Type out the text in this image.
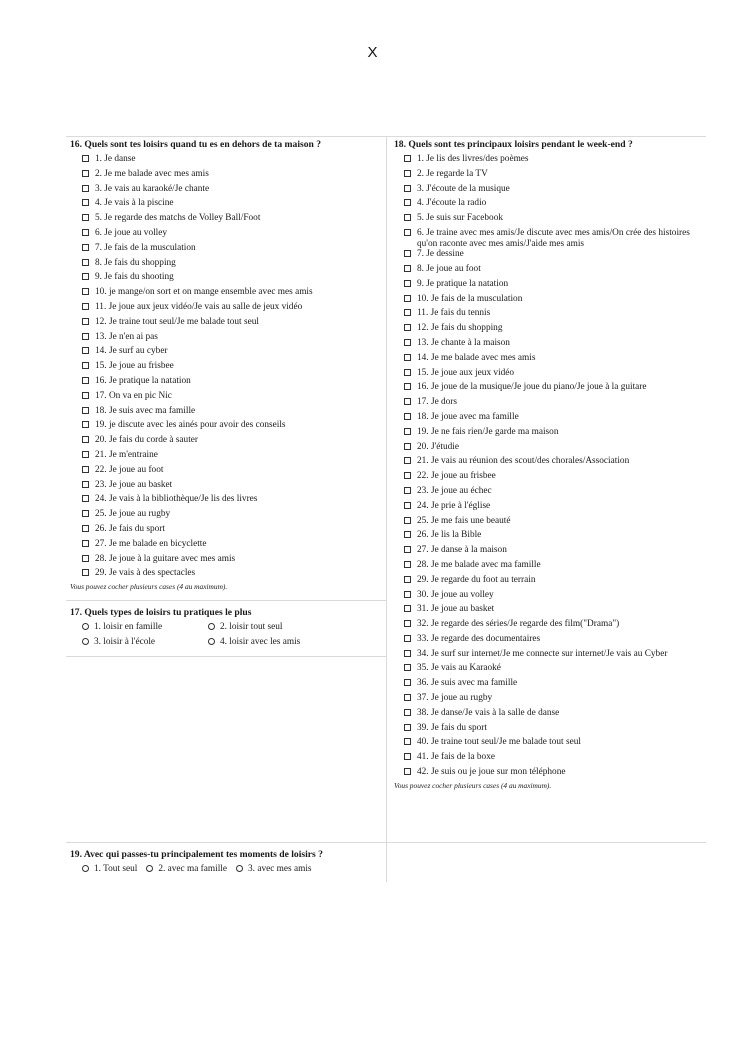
X
16. Quels sont tes loisirs quand tu es en dehors de ta maison ?
1. Je danse
2. Je me balade avec mes amis
3. Je vais au karaoké/Je chante
4. Je vais à la piscine
5. Je regarde des matchs de Volley Ball/Foot
6. Je joue au volley
7. Je fais de la musculation
8. Je fais du shopping
9. Je fais du shooting
10. je mange/on sort et on mange ensemble avec mes amis
11. Je joue aux jeux vidéo/Je vais au salle de jeux vidéo
12. Je traine tout seul/Je me balade tout seul
13. Je n'en ai pas
14. Je surf au cyber
15. Je joue au frisbee
16. Je pratique la natation
17. On va en pic Nic
18. Je suis avec ma famille
19. je discute avec les ainés pour avoir des conseils
20. Je fais du corde à sauter
21. Je m'entraine
22. Je joue au foot
23. Je joue au basket
24. Je vais à la bibliothèque/Je lis des livres
25. Je joue au rugby
26. Je fais du sport
27. Je me balade en bicyclette
28. Je joue à la guitare avec mes amis
29. Je vais à des spectacles
Vous pouvez cocher plusieurs cases (4 au maximum).
17. Quels types de loisirs tu pratiques le plus
1. loisir en famille	2. loisir tout seul
3. loisir à l'école	4. loisir avec les amis
18. Quels sont tes principaux loisirs pendant le week-end ?
1. Je lis des livres/des poèmes
2. Je regarde la TV
3. J'écoute de la musique
4. J'écoute la radio
5. Je suis sur Facebook
6. Je traine avec mes amis/Je discute avec mes amis/On crée des histoires qu'on raconte avec mes amis/J'aide mes amis
7. Je dessine
8. Je joue au foot
9. Je pratique la natation
10. Je fais de la musculation
11. Je fais du tennis
12. Je fais du shopping
13. Je chante à la maison
14. Je me balade avec mes amis
15. Je joue aux jeux vidéo
16. Je joue de la musique/Je joue du piano/Je joue à la guitare
17. Je dors
18. Je joue avec ma famille
19. Je ne fais rien/Je garde ma maison
20. J'étudie
21. Je vais au réunion des scout/des chorales/Association
22. Je joue au frisbee
23. Je joue au échec
24. Je prie à l'église
25. Je me fais une beauté
26. Je lis la Bible
27. Je danse à la maison
28. Je me balade avec ma famille
29. Je regarde du foot au terrain
30. Je joue au volley
31. Je joue au basket
32. Je regarde des séries/Je regarde des film("Drama")
33. Je regarde des documentaires
34. Je surf sur internet/Je me connecte sur internet/Je vais au Cyber
35. Je vais au Karaoké
36. Je suis avec ma famille
37. Je joue au rugby
38. Je danse/Je vais à la salle de danse
39. Je fais du sport
40. Je traine tout seul/Je me balade tout seul
41. Je fais de la boxe
42. Je suis ou je joue sur mon téléphone
Vous pouvez cocher plusieurs cases (4 au maximum).
19. Avec qui passes-tu principalement tes moments de loisirs ?
1. Tout seul 2. avec ma famille 3. avec mes amis
